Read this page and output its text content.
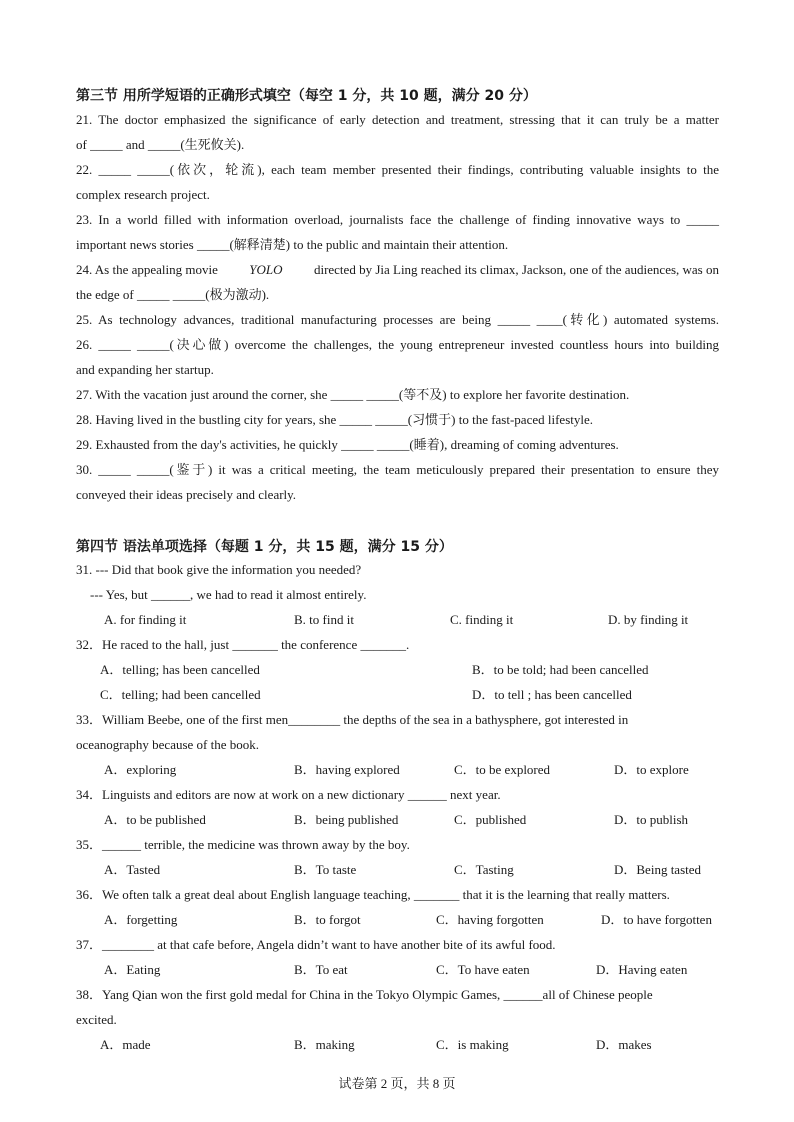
第三节 用所学短语的正确形式填空（每空 1 分，共 10 题，满分 20 分）
21. The doctor emphasized the significance of early detection and treatment, stressing that it can truly be a matter
of _____ and _____(生死攸关).
22. _____ _____(依次，轮流), each team member presented their findings, contributing valuable insights to the
complex research project.
23. In a world filled with information overload, journalists face the challenge of finding innovative ways to _____
important news stories _____(解释清楚) to the public and maintain their attention.
24. As the appealing movie YOLO directed by Jia Ling reached its climax, Jackson, one of the audiences, was on
the edge of _____ _____(极为激动).
25. As technology advances, traditional manufacturing processes are being _____ ____(转化) automated systems.
26. _____ _____(决心做) overcome the challenges, the young entrepreneur invested countless hours into building
and expanding her startup.
27. With the vacation just around the corner, she _____ _____(等不及) to explore her favorite destination.
28. Having lived in the bustling city for years, she _____ _____(习惯于) to the fast-paced lifestyle.
29. Exhausted from the day's activities, he quickly _____ _____(睡着), dreaming of coming adventures.
30. _____ _____(鉴于) it was a critical meeting, the team meticulously prepared their presentation to ensure they
conveyed their ideas precisely and clearly.
第四节 语法单项选择（每题 1 分，共 15 题，满分 15 分）
31. --- Did that book give the information you needed?
--- Yes, but ______, we had to read it almost entirely.
A. for finding it	B. to find it	C. finding it	D. by finding it
32．He raced to the hall, just _______ the conference _______.
A．telling; has been cancelled	B．to be told; had been cancelled
C．telling; had been cancelled	D．to tell ; has been cancelled
33．William Beebe, one of the first men________ the depths of the sea in a bathysphere, got interested in
oceanography because of the book.
A．exploring	B．having explored	C．to be explored	D．to explore
34．Linguists and editors are now at work on a new dictionary ______ next year.
A．to be published	B．being published	C．published	D．to publish
35．______ terrible, the medicine was thrown away by the boy.
A．Tasted	B．To taste	C．Tasting	D．Being tasted
36．We often talk a great deal about English language teaching, _______ that it is the learning that really matters.
A．forgetting	B．to forgot	C．having forgotten	D．to have forgotten
37．________ at that cafe before, Angela didn’t want to have another bite of its awful food.
A．Eating	B．To eat	C．To have eaten	D．Having eaten
38．Yang Qian won the first gold medal for China in the Tokyo Olympic Games, ______all of Chinese people
excited.
A．made	B．making	C．is making	D．makes
试卷第 2 页，共 8 页
